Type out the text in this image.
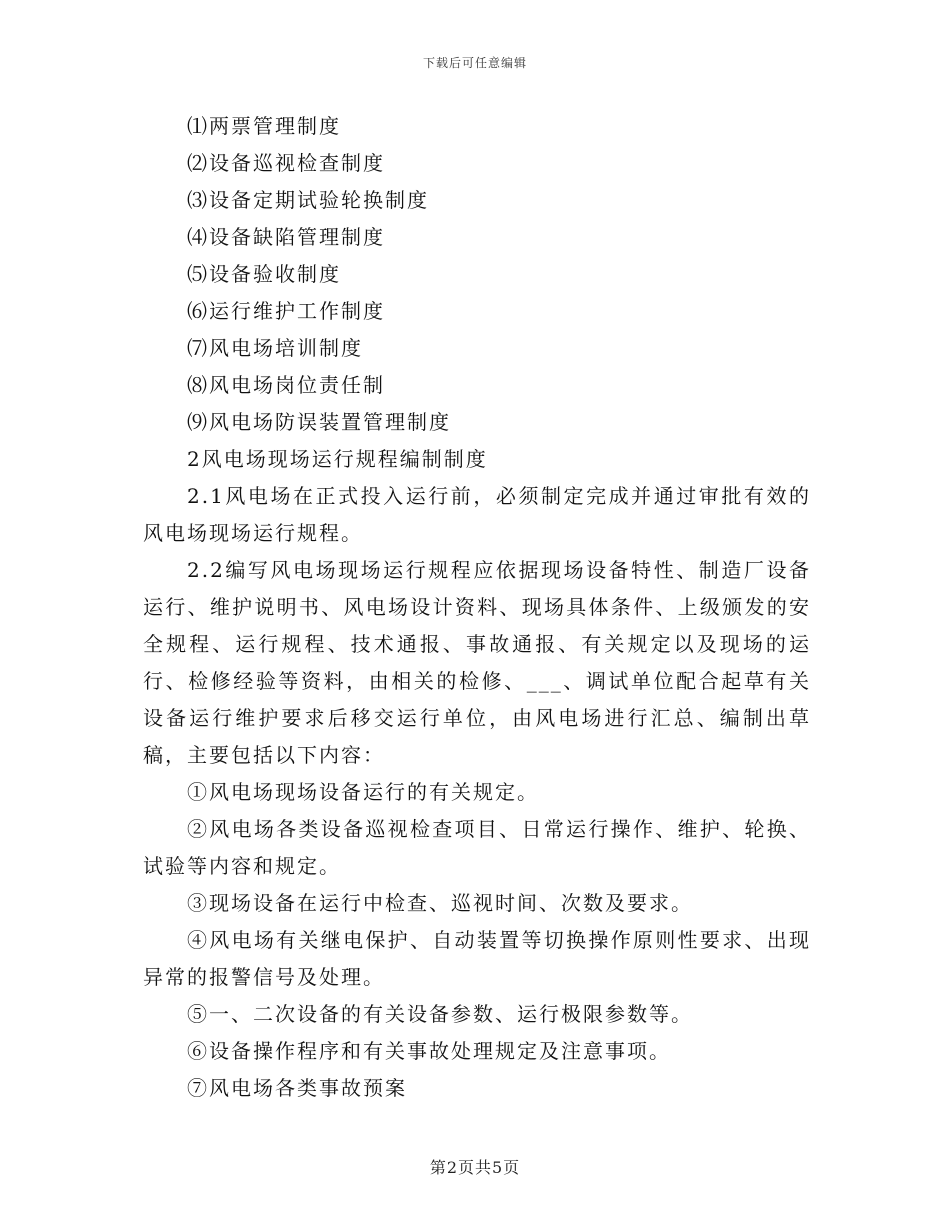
下载后可任意编辑

⑴两票管理制度

⑵设备巡视检查制度

⑶设备定期试验轮换制度

⑷设备缺陷管理制度

⑸设备验收制度

⑹运行维护工作制度

⑺风电场培训制度

⑻风电场岗位责任制

⑼风电场防误装置管理制度

2风电场现场运行规程编制制度

2.1风电场在正式投入运行前，必须制定完成并通过审批有效的风电场现场运行规程。

2.2编写风电场现场运行规程应依据现场设备特性、制造厂设备运行、维护说明书、风电场设计资料、现场具体条件、上级颁发的安全规程、运行规程、技术通报、事故通报、有关规定以及现场的运行、检修经验等资料，由相关的检修、___、调试单位配合起草有关设备运行维护要求后移交运行单位，由风电场进行汇总、编制出草稿，主要包括以下内容：

①风电场现场设备运行的有关规定。

②风电场各类设备巡视检查项目、日常运行操作、维护、轮换、试验等内容和规定。

③现场设备在运行中检查、巡视时间、次数及要求。

④风电场有关继电保护、自动装置等切换操作原则性要求、出现异常的报警信号及处理。

⑤一、二次设备的有关设备参数、运行极限参数等。

⑥设备操作程序和有关事故处理规定及注意事项。

⑦风电场各类事故预案

第2页共5页
